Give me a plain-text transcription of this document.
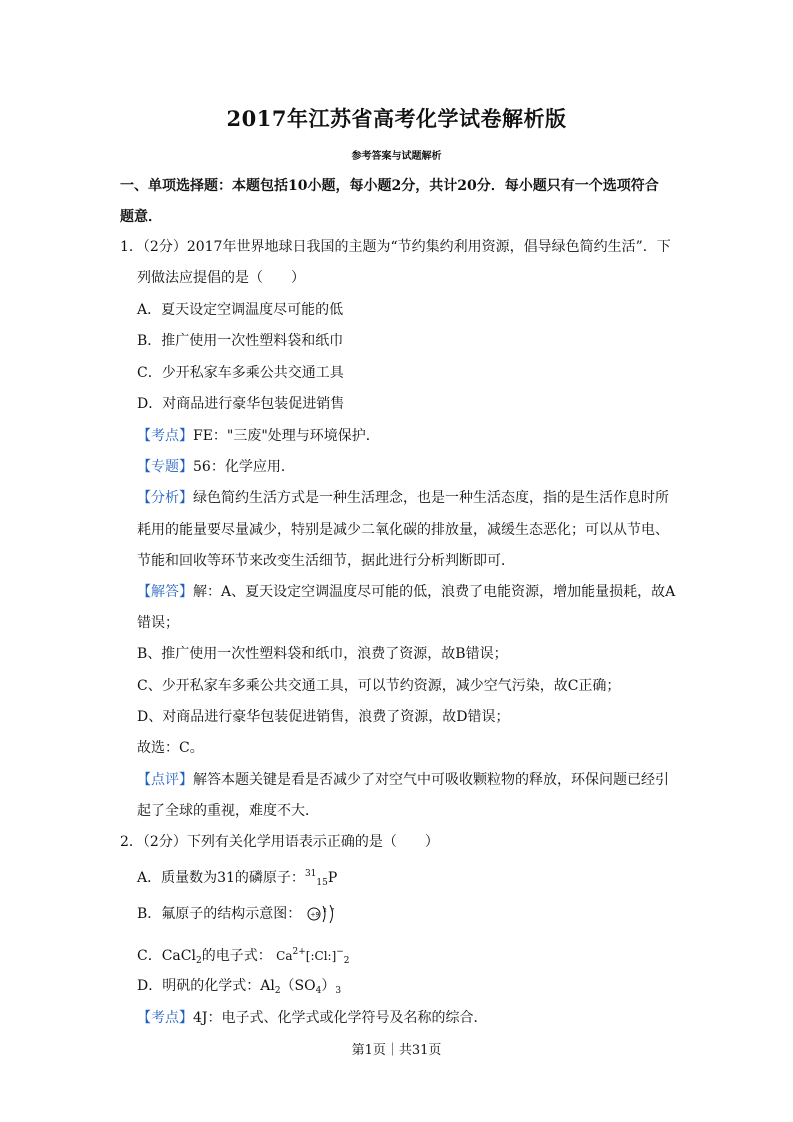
2017年江苏省高考化学试卷解析版
参考答案与试题解析
一、单项选择题：本题包括10小题，每小题2分，共计20分．每小题只有一个选项符合
题意．
1．（2分）2017年世界地球日我国的主题为“节约集约利用资源，倡导绿色简约生活”．下
列做法应提倡的是（　　）
A．夏天设定空调温度尽可能的低
B．推广使用一次性塑料袋和纸巾
C．少开私家车多乘公共交通工具
D．对商品进行豪华包装促进销售
【考点】FE："三废"处理与环境保护．
【专题】56：化学应用．
【分析】绿色简约生活方式是一种生活理念，也是一种生活态度，指的是生活作息时所
耗用的能量要尽量减少，特别是减少二氧化碳的排放量，减缓生态恶化；可以从节电、
节能和回收等环节来改变生活细节，据此进行分析判断即可．
【解答】解：A、夏天设定空调温度尽可能的低，浪费了电能资源，增加能量损耗，故A
错误；
B、推广使用一次性塑料袋和纸巾，浪费了资源，故B错误；
C、少开私家车多乘公共交通工具，可以节约资源，减少空气污染，故C正确；
D、对商品进行豪华包装促进销售，浪费了资源，故D错误；
故选：C。
【点评】解答本题关键是看是否减少了对空气中可吸收颗粒物的释放，环保问题已经引
起了全球的重视，难度不大．
2．（2分）下列有关化学用语表示正确的是（　　）
A．质量数为31的磷原子：$^{31}_{15}$P
B．氟原子的结构示意图： +9
2 7
C．CaCl$_2$的电子式： $Ca^{2+}[:Cl:]^-_2$
D．明矾的化学式：$Al_2(SO_4)_3$
【考点】4J：电子式、化学式或化学符号及名称的综合．
第1页｜共31页
